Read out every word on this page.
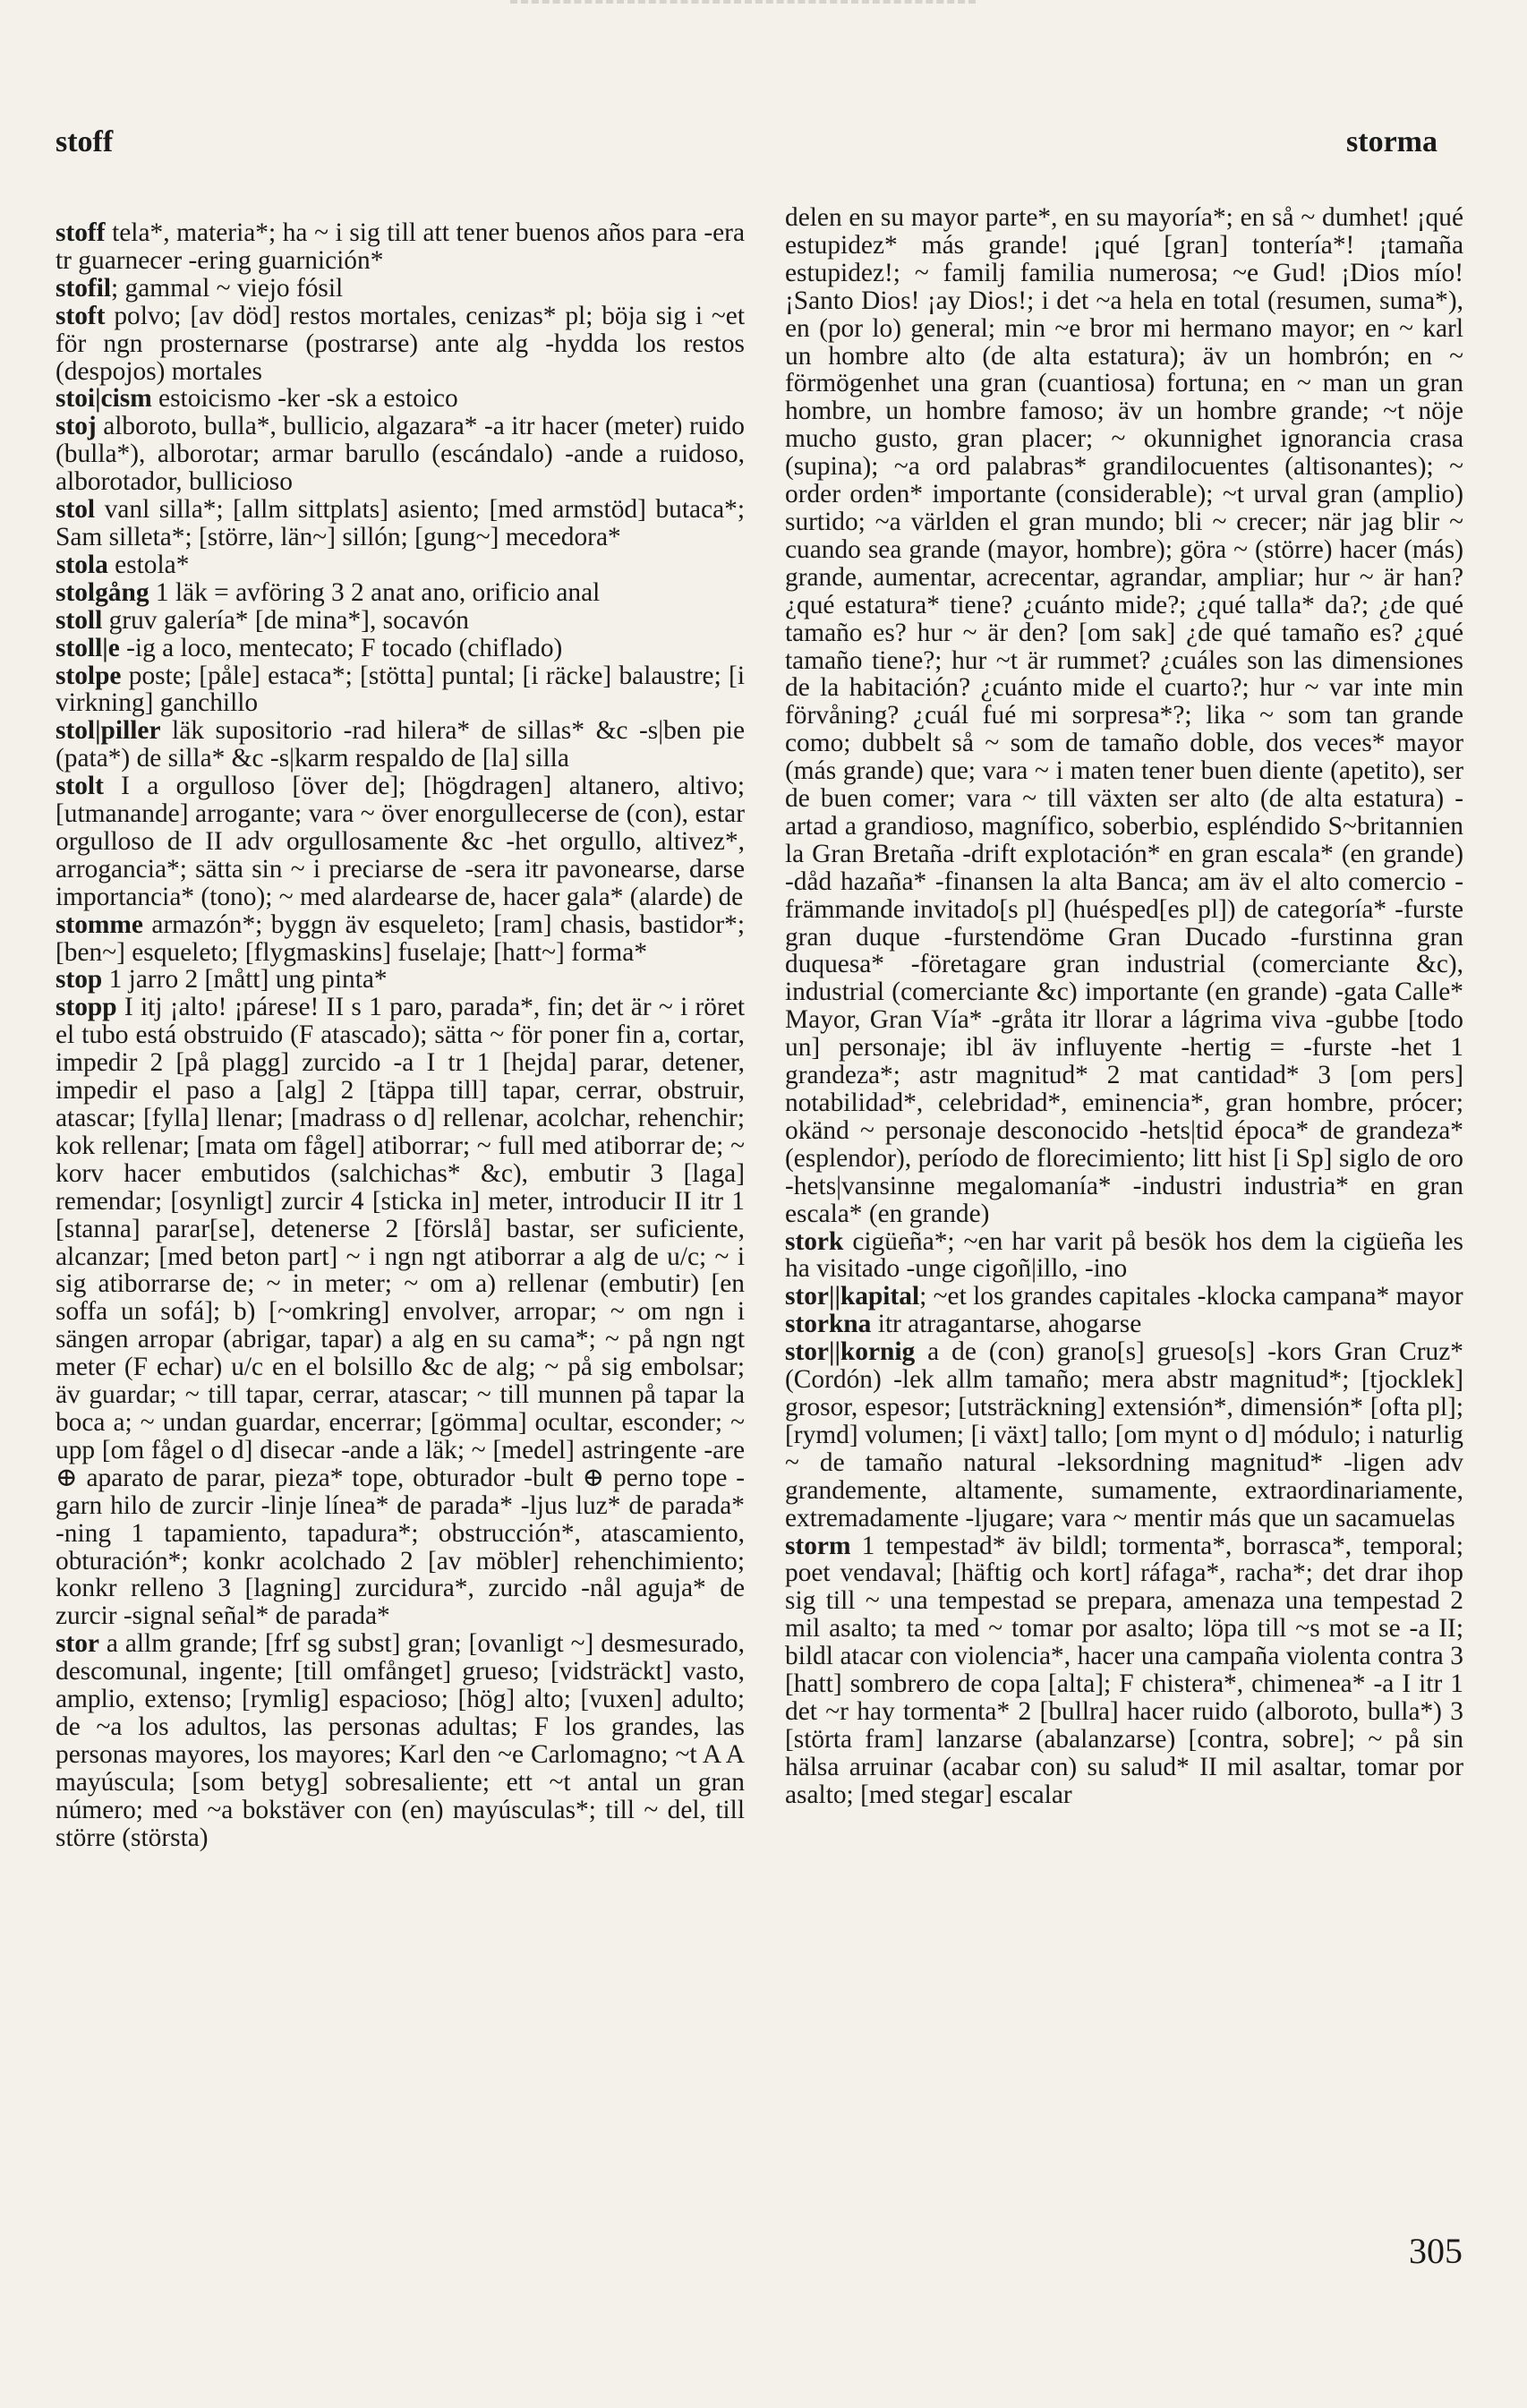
stoff	storma
stoff tela*, materia*; ha ~ i sig till att tener buenos años para -era tr guarnecer -ering guarnición*
stofil; gammal ~ viejo fósil
stoft polvo; [av död] restos mortales, cenizas* pl; böja sig i ~et för ngn prosternarse (postrarse) ante alg -hydda los restos (despojos) mortales
stoi|cism estoicismo -ker -sk a estoico
stoj alboroto, bulla*, bullicio, algazara* -a itr hacer (meter) ruido (bulla*), alborotar; armar barullo (escándalo) -ande a ruidoso, alborotador, bullicioso
stol vanl silla*; [allm sittplats] asiento; [med armstöd] butaca*; Sam silleta*; [större, län~] sillón; [gung~] mecedora*
stola estola*
stolgång 1 läk = avföring 3 2 anat ano, orificio anal
stoll gruv galería* [de mina*], socavón
stoll|e -ig a loco, mentecato; F tocado (chiflado)
stolpe poste; [påle] estaca*; [stötta] puntal; [i räcke] balaustre; [i virkning] ganchillo
stol|piller läk supositorio -rad hilera* de sillas* &c -s|ben pie (pata*) de silla* &c -s|karm respaldo de [la] silla
stolt I a orgulloso [över de]; [högdragen] altanero, altivo; [utmanande] arrogante; vara ~ över enorgullecerse de (con), estar orgulloso de II adv orgullosamente &c -het orgullo, altivez*, arrogancia*; sätta sin ~ i preciarse de -sera itr pavonearse, darse importancia* (tono); ~ med alardearse de, hacer gala* (alarde) de
stomme armazón*; byggn äv esqueleto; [ram] chasis, bastidor*; [ben~] esqueleto; [flygmaskins] fuselaje; [hatt~] forma*
stop 1 jarro 2 [mått] ung pinta*
stopp I itj ¡alto! ¡párese! II s 1 paro, parada*, fin; det är ~ i röret el tubo está obstruido (F atascado); sätta ~ för poner fin a, cortar, impedir 2 [på plagg] zurcido -a I tr 1 [hejda] parar, detener, impedir el paso a [alg] 2 [täppa till] tapar, cerrar, obstruir, atascar; [fylla] llenar; [madrass o d] rellenar, acolchar, rehenchir; kok rellenar; [mata om fågel] atiborrar; ~ full med atiborrar de; ~ korv hacer embutidos (salchichas* &c), embutir 3 [laga] remendar; [osynligt] zurcir 4 [sticka in] meter, introducir II itr 1 [stanna] parar[se], detenerse 2 [förslå] bastar, ser suficiente, alcanzar; [med beton part] ~ i ngn ngt atiborrar a alg de u/c; ~ i sig atiborrarse de; ~ in meter; ~ om a) rellenar (embutir) [en soffa un sofá]; b) [~omkring] envolver, arropar; ~ om ngn i sängen arropar (abrigar, tapar) a alg en su cama*; ~ på ngn ngt meter (F echar) u/c en el bolsillo &c de alg; ~ på sig embolsar; äv guardar; ~ till tapar, cerrar, atascar; ~ till munnen på tapar la boca a; ~ undan guardar, encerrar; [gömma] ocultar, esconder; ~ upp [om fågel o d] disecar -ande a läk; ~ [medel] astringente -are ⊕ aparato de parar, pieza* tope, obturador -bult ⊕ perno tope -garn hilo de zurcir -linje línea* de parada* -ljus luz* de parada* -ning 1 tapamiento, tapadura*; obstrucción*, atascamiento, obturación*; konkr acolchado 2 [av möbler] rehenchimiento; konkr relleno 3 [lagning] zurcidura*, zurcido -nål aguja* de zurcir -signal señal* de parada*
stor a allm grande; [frf sg subst] gran; [ovanligt ~] desmesurado, descomunal, ingente; [till omfånget] grueso; [vidsträckt] vasto, amplio, extenso; [rymlig] espacioso; [hög] alto; [vuxen] adulto; de ~a los adultos, las personas adultas; F los grandes, las personas mayores, los mayores; Karl den ~e Carlomagno; ~t A A mayúscula; [som betyg] sobresaliente; ett ~t antal un gran número; med ~a bokstäver con (en) mayúsculas*; till ~ del, till större (största)
delen en su mayor parte*, en su mayoría*; en så ~ dumhet! ¡qué estupidez* más grande! ¡qué [gran] tontería*! ¡tamaña estupidez!; ~ familj familia numerosa; ~e Gud! ¡Dios mío! ¡Santo Dios! ¡ay Dios!; i det ~a hela en total (resumen, suma*), en (por lo) general; min ~e bror mi hermano mayor; en ~ karl un hombre alto (de alta estatura); äv un hombrón; en ~ förmögenhet una gran (cuantiosa) fortuna; en ~ man un gran hombre, un hombre famoso; äv un hombre grande; ~t nöje mucho gusto, gran placer; ~ okunnighet ignorancia crasa (supina); ~a ord palabras* grandilocuentes (altisonantes); ~ order orden* importante (considerable); ~t urval gran (amplio) surtido; ~a världen el gran mundo; bli ~ crecer; när jag blir ~ cuando sea grande (mayor, hombre); göra ~ (större) hacer (más) grande, aumentar, acrecentar, agrandar, ampliar; hur ~ är han? ¿qué estatura* tiene? ¿cuánto mide?; ¿qué talla* da?; ¿de qué tamaño es? hur ~ är den? [om sak] ¿de qué tamaño es? ¿qué tamaño tiene?; hur ~t är rummet? ¿cuáles son las dimensiones de la habitación? ¿cuánto mide el cuarto?; hur ~ var inte min förvåning? ¿cuál fué mi sorpresa*?; lika ~ som tan grande como; dubbelt så ~ som de tamaño doble, dos veces* mayor (más grande) que; vara ~ i maten tener buen diente (apetito), ser de buen comer; vara ~ till växten ser alto (de alta estatura) -artad a grandioso, magnífico, soberbio, espléndido S~britannien la Gran Bretaña -drift explotación* en gran escala* (en grande) -dåd hazaña* -finansen la alta Banca; am äv el alto comercio -främmande invitado[s pl] (huésped[es pl]) de categoría* -furste gran duque -furstendöme Gran Ducado -furstinna gran duquesa* -företagare gran industrial (comerciante &c), industrial (comerciante &c) importante (en grande) -gata Calle* Mayor, Gran Vía* -gråta itr llorar a lágrima viva -gubbe [todo un] personaje; ibl äv influyente -hertig = -furste -het 1 grandeza*; astr magnitud* 2 mat cantidad* 3 [om pers] notabilidad*, celebridad*, eminencia*, gran hombre, prócer; okänd ~ personaje desconocido -hets|tid época* de grandeza* (esplendor), período de florecimiento; litt hist [i Sp] siglo de oro -hets|vansinne megalomanía* -industri industria* en gran escala* (en grande)
stork cigüeña*; ~en har varit på besök hos dem la cigüeña les ha visitado -unge cigoñ|illo, -ino
stor||kapital; ~et los grandes capitales -klocka campana* mayor
storkna itr atragantarse, ahogarse
stor||kornig a de (con) grano[s] grueso[s] -kors Gran Cruz* (Cordón) -lek allm tamaño; mera abstr magnitud*; [tjocklek] grosor, espesor; [utsträckning] extensión*, dimensión* [ofta pl]; [rymd] volumen; [i växt] tallo; [om mynt o d] módulo; i naturlig ~ de tamaño natural -leksordning magnitud* -ligen adv grandemente, altamente, sumamente, extraordinariamente, extremadamente -ljugare; vara ~ mentir más que un sacamuelas
storm 1 tempestad* äv bildl; tormenta*, borrasca*, temporal; poet vendaval; [häftig och kort] ráfaga*, racha*; det drar ihop sig till ~ una tempestad se prepara, amenaza una tempestad 2 mil asalto; ta med ~ tomar por asalto; löpa till ~s mot se -a II; bildl atacar con violencia*, hacer una campaña violenta contra 3 [hatt] sombrero de copa [alta]; F chistera*, chimenea* -a I itr 1 det ~r hay tormenta* 2 [bullra] hacer ruido (alboroto, bulla*) 3 [störta fram] lanzarse (abalanzarse) [contra, sobre]; ~ på sin hälsa arruinar (acabar con) su salud* II mil asaltar, tomar por asalto; [med stegar] escalar
305
